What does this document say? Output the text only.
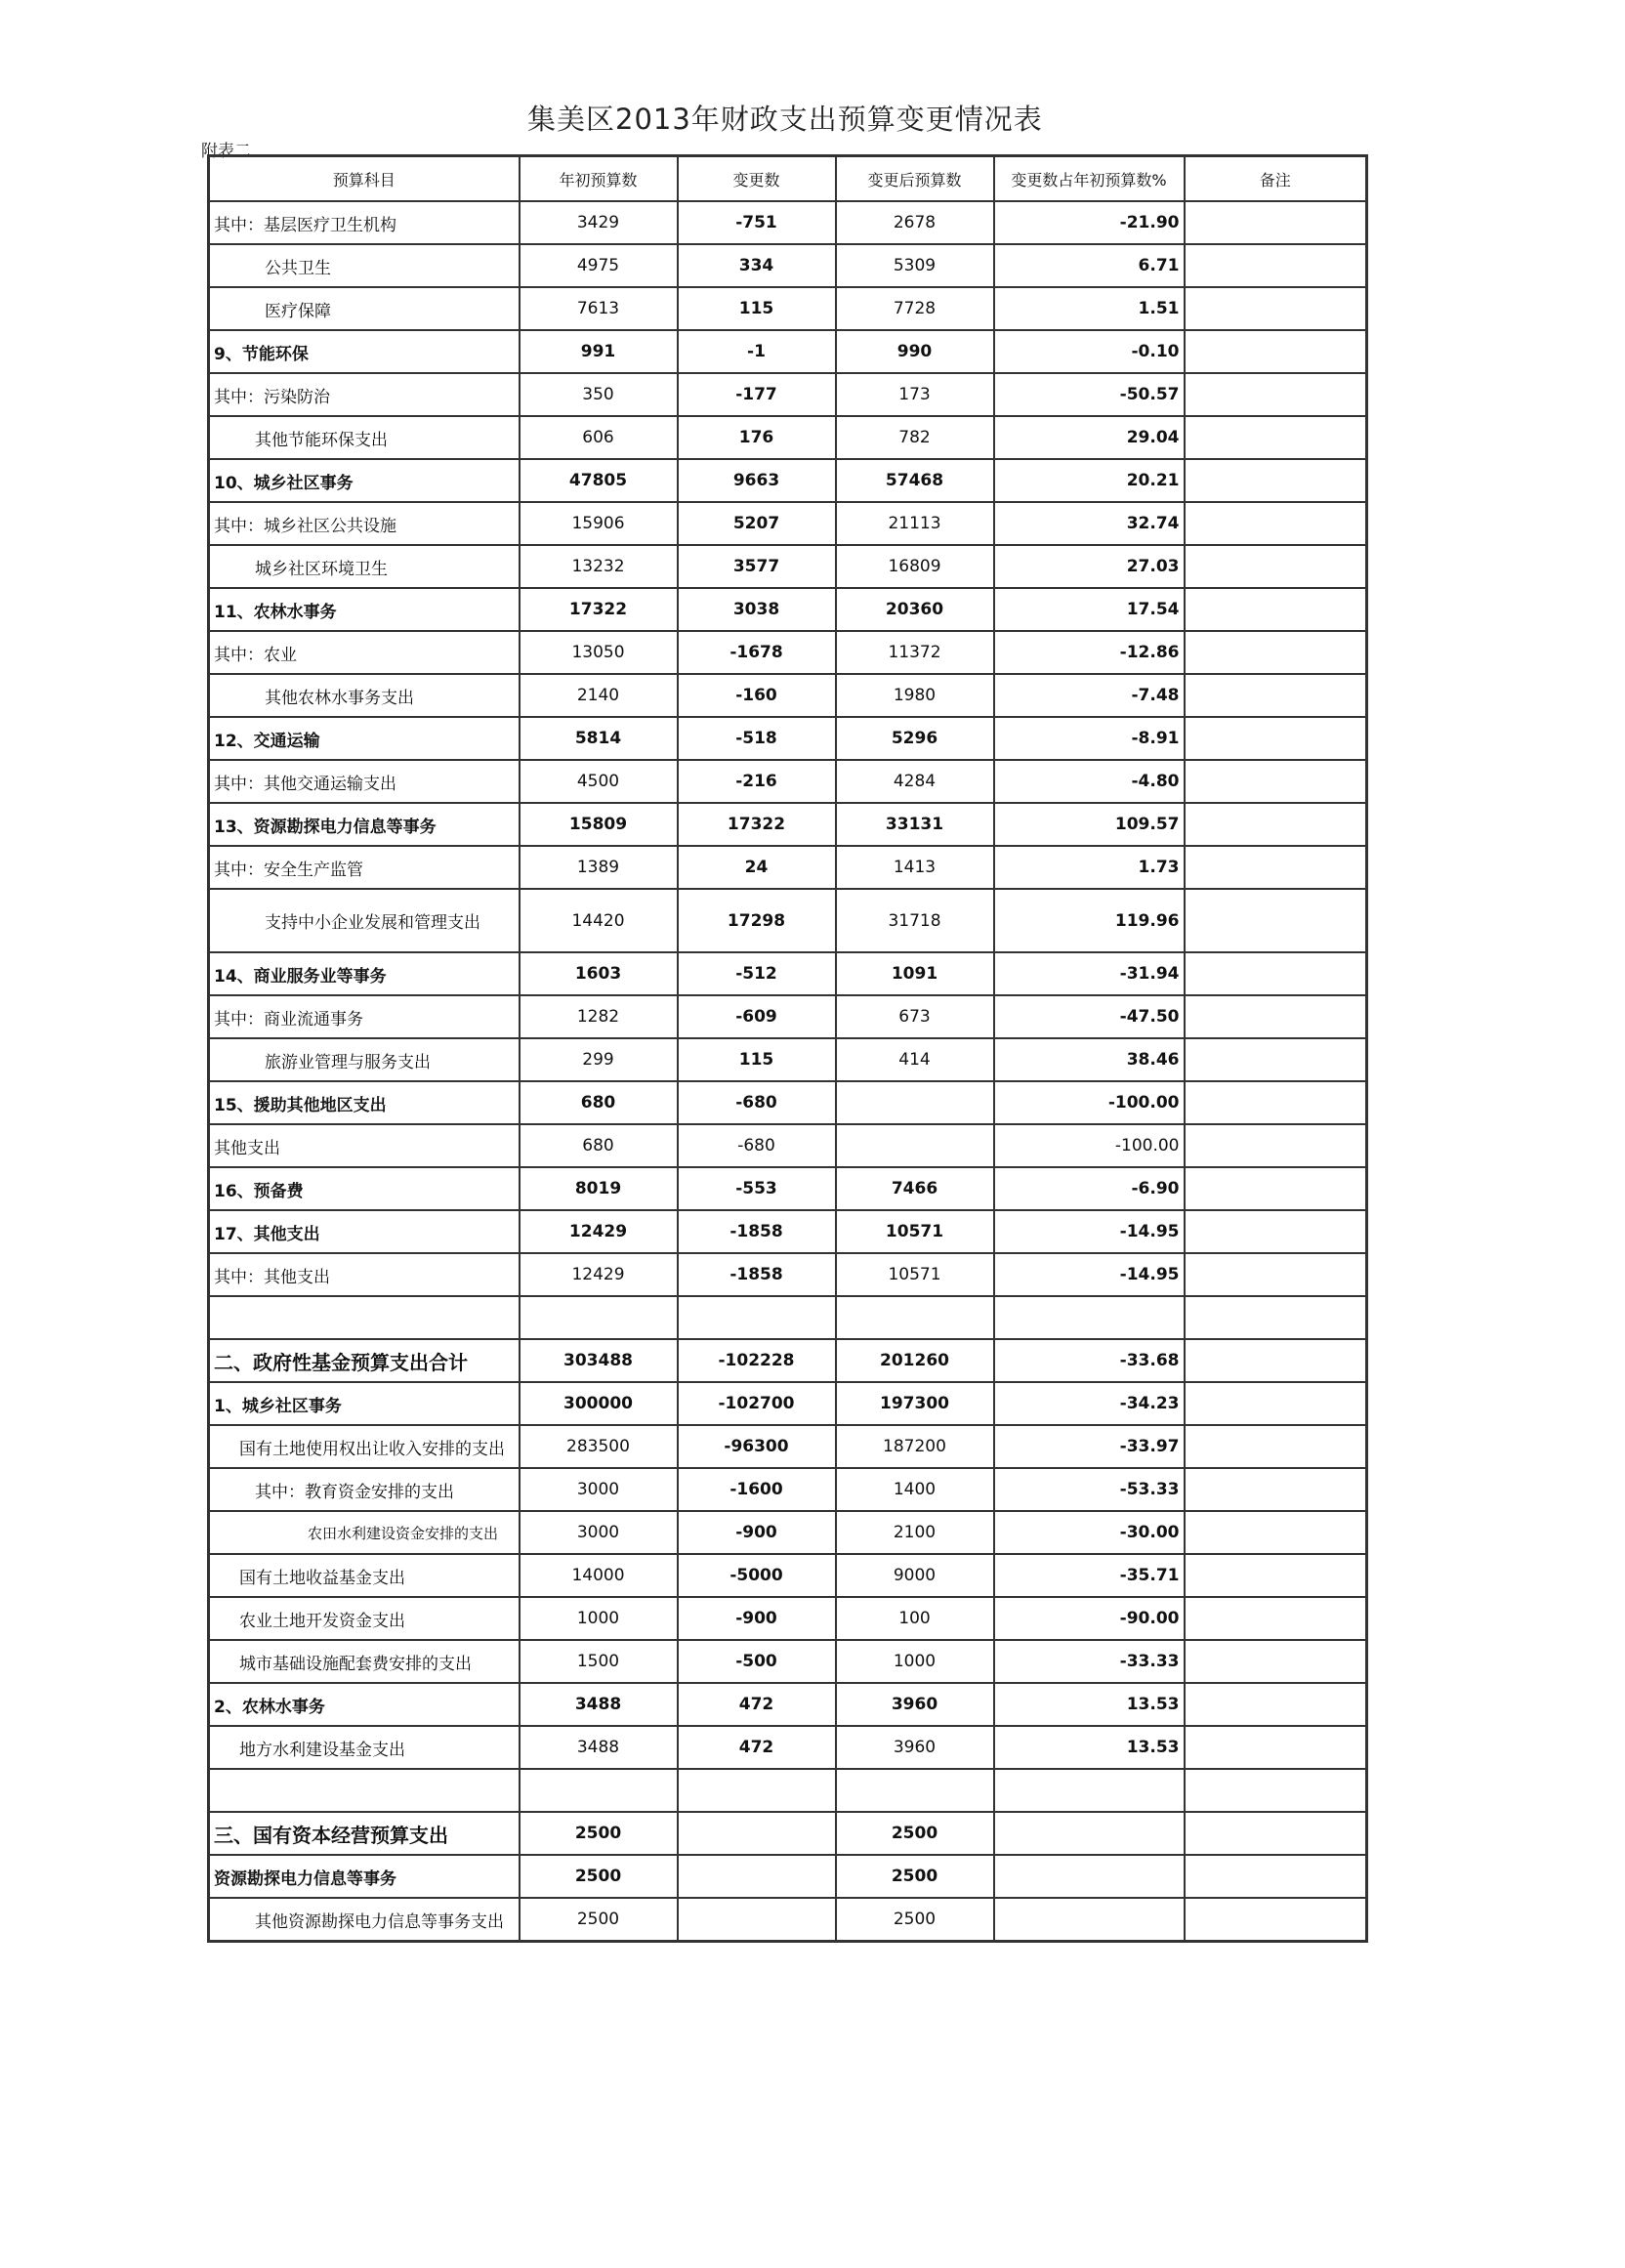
集美区2013年财政支出预算变更情况表
附表二
预算科目	年初预算数	变更数	变更后预算数	变更数占年初预算数%	备注
其中：基层医疗卫生机构	3429	-751	2678	-21.90	
公共卫生	4975	334	5309	6.71	
医疗保障	7613	115	7728	1.51	
9、节能环保	991	-1	990	-0.10	
其中：污染防治	350	-177	173	-50.57	
其他节能环保支出	606	176	782	29.04	
10、城乡社区事务	47805	9663	57468	20.21	
其中：城乡社区公共设施	15906	5207	21113	32.74	
城乡社区环境卫生	13232	3577	16809	27.03	
11、农林水事务	17322	3038	20360	17.54	
其中：农业	13050	-1678	11372	-12.86	
其他农林水事务支出	2140	-160	1980	-7.48	
12、交通运输	5814	-518	5296	-8.91	
其中：其他交通运输支出	4500	-216	4284	-4.80	
13、资源勘探电力信息等事务	15809	17322	33131	109.57	
其中：安全生产监管	1389	24	1413	1.73	
支持中小企业发展和管理支出	14420	17298	31718	119.96	
14、商业服务业等事务	1603	-512	1091	-31.94	
其中：商业流通事务	1282	-609	673	-47.50	
旅游业管理与服务支出	299	115	414	38.46	
15、援助其他地区支出	680	-680		-100.00	
其他支出	680	-680		-100.00	
16、预备费	8019	-553	7466	-6.90	
17、其他支出	12429	-1858	10571	-14.95	
其中：其他支出	12429	-1858	10571	-14.95	

二、政府性基金预算支出合计	303488	-102228	201260	-33.68	
1、城乡社区事务	300000	-102700	197300	-34.23	
国有土地使用权出让收入安排的支出	283500	-96300	187200	-33.97	
其中：教育资金安排的支出	3000	-1600	1400	-53.33	
农田水利建设资金安排的支出	3000	-900	2100	-30.00	
国有土地收益基金支出	14000	-5000	9000	-35.71	
农业土地开发资金支出	1000	-900	100	-90.00	
城市基础设施配套费安排的支出	1500	-500	1000	-33.33	
2、农林水事务	3488	472	3960	13.53	
地方水利建设基金支出	3488	472	3960	13.53	

三、国有资本经营预算支出	2500		2500		
资源勘探电力信息等事务	2500		2500		
其他资源勘探电力信息等事务支出	2500		2500		
